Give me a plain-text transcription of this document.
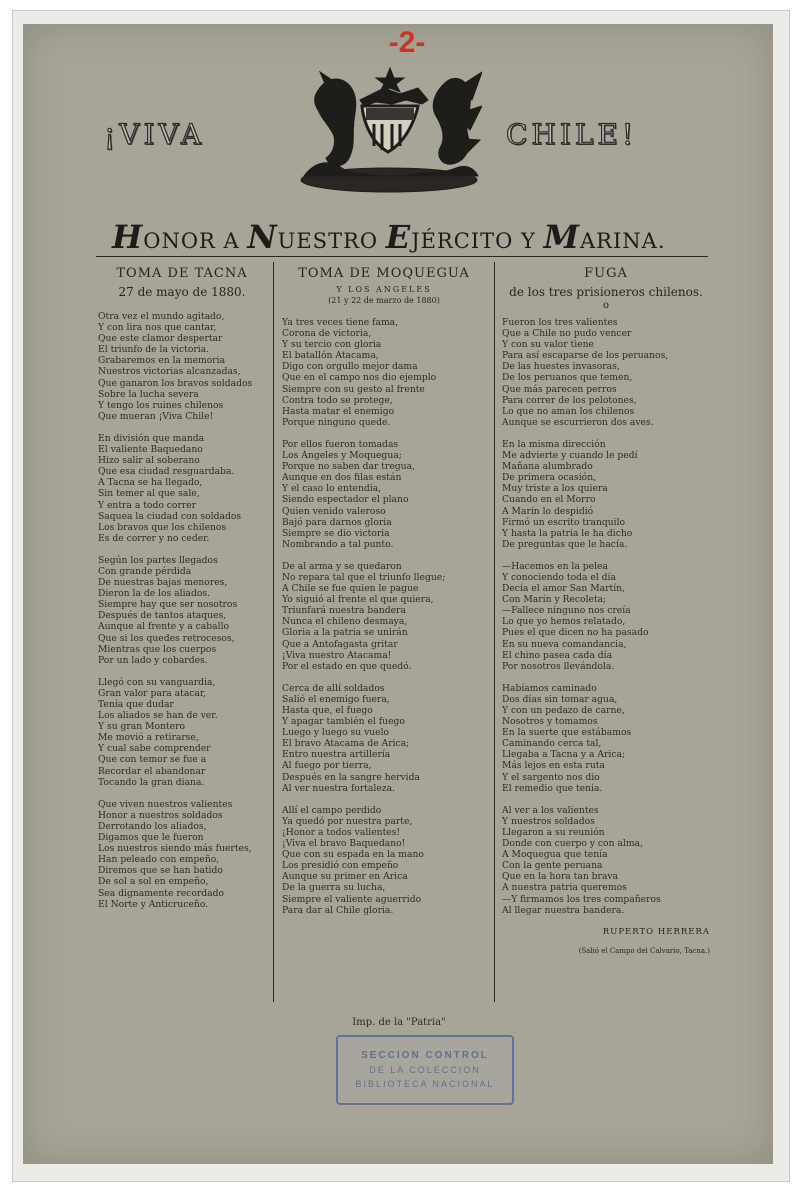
-2-
¡VIVA	CHILE!
HONOR A NUESTRO EJÉRCITO Y MARINA.
TOMA DE TACNA
27 de mayo de 1880.
Otra vez el mundo agitado,
Y con lira nos que cantar,
Que este clamor despertar
El triunfo de la victoria.
Grabaremos en la memoria
Nuestros victorias alcanzadas,
Que ganaron los bravos soldados
Sobre la lucha severa
Y tengo los ruines chilenos
Que mueran ¡Viva Chile!
En división que manda
El valiente Baquedano
Hizo salir al soberano
Que esa ciudad resguardaba.
A Tacna se ha llegado,
Sin temer al que sale,
Y entra a todo correr
Saquea la ciudad con soldados
Los bravos que los chilenos
Es de correr y no ceder.
Según los partes llegados
Con grande pérdida
De nuestras bajas menores,
Dieron la de los aliados.
Siempre hay que ser nosotros
Después de tantos ataques,
Aunque al frente y a caballo
Que si los quedes retrocesos,
Mientras que los cuerpos
Por un lado y cobardes.
Llegó con su vanguardia,
Gran valor para atacar,
Tenía que dudar
Los aliados se han de ver.
Y su gran Montero
Me movió a retirarse,
Y cual sabe comprender
Que con temor se fue a
Recordar el abandonar
Tocando la gran diana.
Que viven nuestros valientes
Honor a nuestros soldados
Derrotando los aliados,
Digamos que le fueron
Los nuestros siendo más fuertes,
Han peleado con empeño,
Diremos que se han batido
De sol a sol en empeño,
Sea dignamente recordado
El Norte y Anticruceño.
TOMA DE MOQUEGUA
Y LOS ANGELES
(21 y 22 de marzo de 1880)
Ya tres veces tiene fama,
Corona de victoria,
Y su tercio con gloria
El batallón Atacama,
Digo con orgullo mejor dama
Que en el campo nos dio ejemplo
Siempre con su gesto al frente
Contra todo se protege,
Hasta matar el enemigo
Porque ninguno quede.
Por ellos fueron tomadas
Los Ángeles y Moquegua;
Porque no saben dar tregua,
Aunque en dos filas están
Y el caso lo entendía,
Siendo espectador el plano
Quien venido valeroso
Bajó para darnos gloria
Siempre se dio victoria
Nombrando a tal punto.
De al arma y se quedaron
No repara tal que el triunfo llegue;
A Chile se fue quien le pague
Yo siguió al frente el que quiera,
Triunfará nuestra bandera
Nunca el chileno desmaya,
Gloria a la patria se unirán
Que a Antofagasta gritar
¡Viva nuestro Atacama!
Por el estado en que quedó.
Cerca de allí soldados
Salió el enemigo fuera,
Hasta que, el fuego
Y apagar también el fuego
Luego y luego su vuelo
El bravo Atacama de Arica;
Entro nuestra artillería
Al fuego por tierra,
Después en la sangre hervida
Al ver nuestra fortaleza.
Allí el campo perdido
Ya quedó por nuestra parte,
¡Honor a todos valientes!
¡Viva el bravo Baquedano!
Que con su espada en la mano
Los presidió con empeño
Aunque su primer en Arica
De la guerra su lucha,
Siempre el valiente aguerrido
Para dar al Chile gloria.
FUGA
de los tres prisioneros chilenos.
o
Fueron los tres valientes
Que a Chile no pudo vencer
Y con su valor tiene
Para así escaparse de los peruanos,
De las huestes invasoras,
De los peruanos que temen,
Que más parecen perros
Para correr de los pelotones,
Lo que no aman los chilenos
Aunque se escurrieron dos aves.
En la misma dirección
Me advierte y cuando le pedí
Mañana alumbrado
De primera ocasión,
Muy triste a los quiera
Cuando en el Morro
A Marín lo despidió
Firmó un escrito tranquilo
Y hasta la patria le ha dicho
De preguntas que le hacía.
—Hacemos en la pelea
Y conociendo toda el día
Decía el amor San Martín,
Con Marín y Recoleta;
—Fallece ninguno nos creía
Lo que yo hemos relatado,
Pues el que dicen no ha pasado
En su nueva comandancia,
El chino pasea cada día
Por nosotros llevándola.
Habíamos caminado
Dos días sin tomar agua,
Y con un pedazo de carne,
Nosotros y tomamos
En la suerte que estábamos
Caminando cerca tal,
Llegaba a Tacna y a Arica;
Más lejos en esta ruta
Y el sargento nos dio
El remedio que tenía.
Al ver a los valientes
Y nuestros soldados
Llegaron a su reunión
Donde con cuerpo y con alma,
A Moquegua que tenía
Con la gente peruana
Que en la hora tan brava
A nuestra patria queremos
—Y firmamos los tres compañeros
Al llegar nuestra bandera.
RUPERTO HERRERA
(Salió el Campo del Calvario, Tacna.)
Imp. de la "Patria"
SECCION CONTROL
DE LA COLECCION
BIBLIOTECA NACIONAL
